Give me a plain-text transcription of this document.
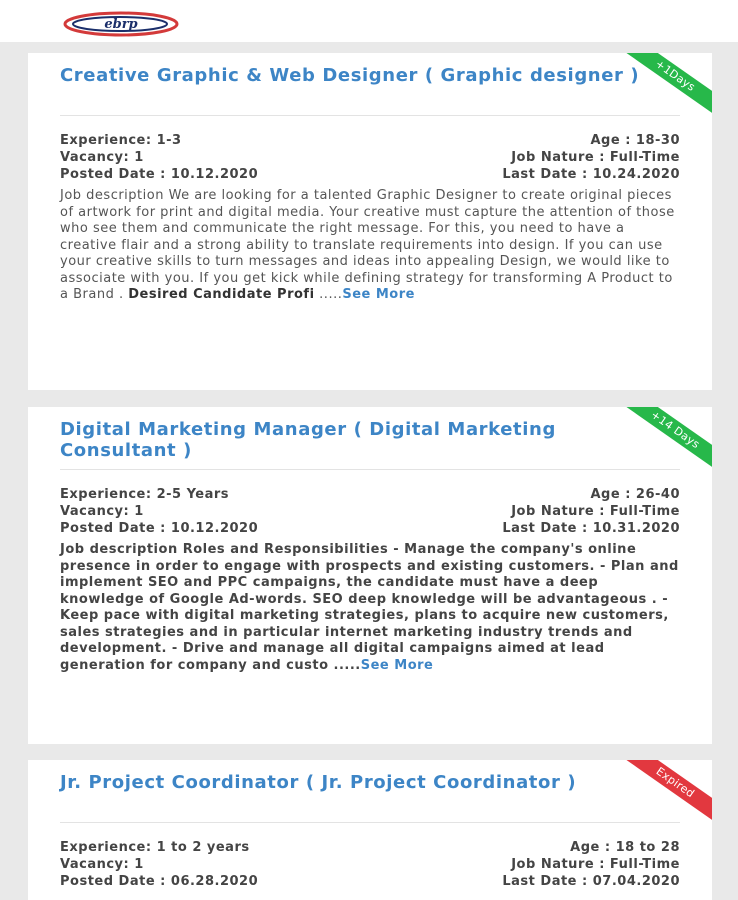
ebrp
+1Days
Creative Graphic & Web Designer ( Graphic designer )
Experience: 1-3	Age : 18-30
Vacancy: 1	Job Nature : Full-Time
Posted Date : 10.12.2020	Last Date : 10.24.2020
Job description We are looking for a talented Graphic Designer to create original pieces of artwork for print and digital media. Your creative must capture the attention of those who see them and communicate the right message. For this, you need to have a creative flair and a strong ability to translate requirements into design. If you can use your creative skills to turn messages and ideas into appealing Design, we would like to associate with you. If you get kick while defining strategy for transforming A Product to a Brand . Desired Candidate Profi .....See More
+14 Days
Digital Marketing Manager ( Digital Marketing Consultant )
Experience: 2-5 Years	Age : 26-40
Vacancy: 1	Job Nature : Full-Time
Posted Date : 10.12.2020	Last Date : 10.31.2020
Job description Roles and Responsibilities - Manage the company's online presence in order to engage with prospects and existing customers. - Plan and implement SEO and PPC campaigns, the candidate must have a deep knowledge of Google Ad-words. SEO deep knowledge will be advantageous . - Keep pace with digital marketing strategies, plans to acquire new customers, sales strategies and in particular internet marketing industry trends and development. - Drive and manage all digital campaigns aimed at lead generation for company and custo .....See More
Expired
Jr. Project Coordinator ( Jr. Project Coordinator )
Experience: 1 to 2 years	Age : 18 to 28
Vacancy: 1	Job Nature : Full-Time
Posted Date : 06.28.2020	Last Date : 07.04.2020
